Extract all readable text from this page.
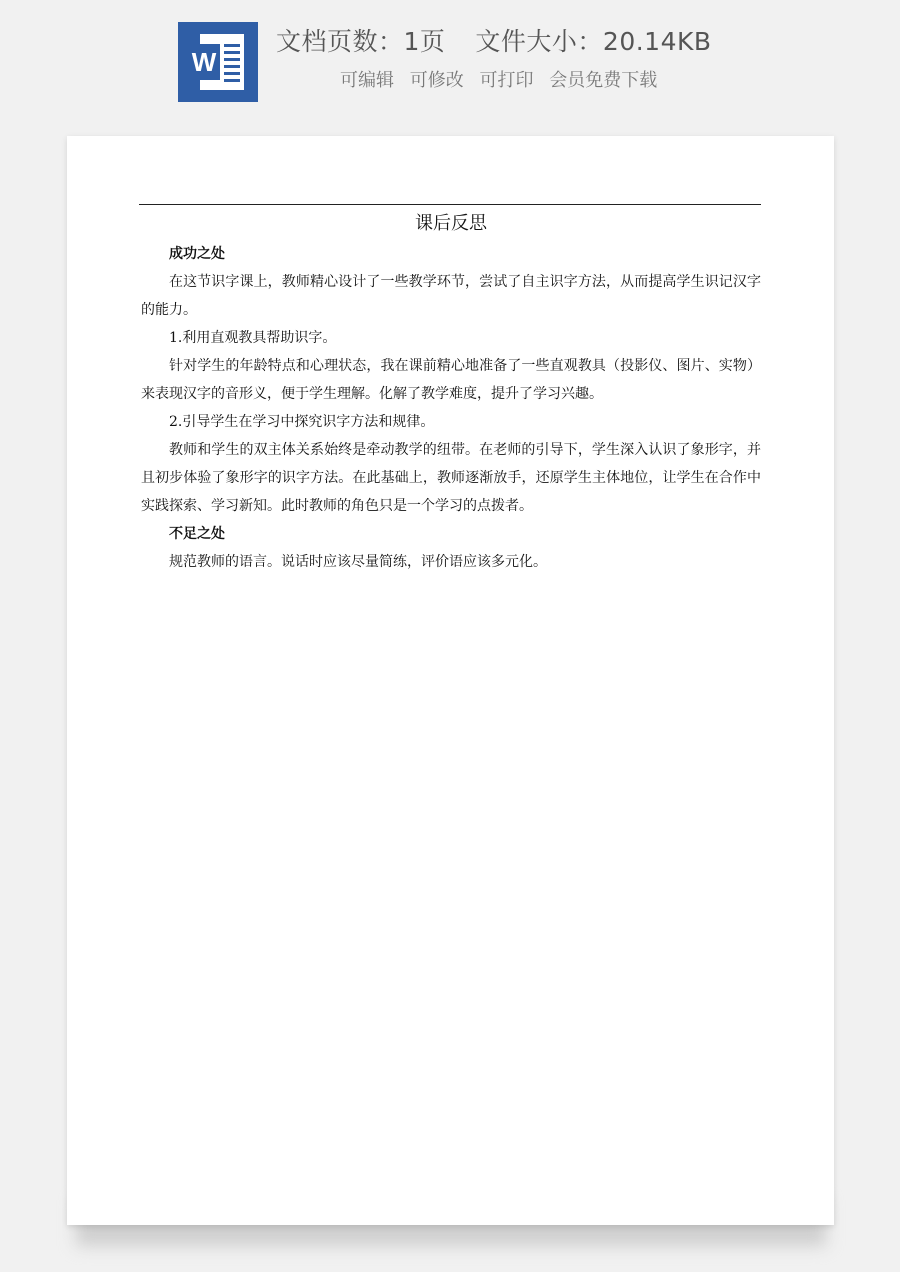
W
文档页数：1页 文件大小：20.14KB
可编辑 可修改 可打印 会员免费下载
课后反思

成功之处

在这节识字课上，教师精心设计了一些教学环节，尝试了自主识字方法，从而提高学生识记汉字的能力。

1.利用直观教具帮助识字。

针对学生的年龄特点和心理状态，我在课前精心地准备了一些直观教具（投影仪、图片、实物）来表现汉字的音形义，便于学生理解。化解了教学难度，提升了学习兴趣。

2.引导学生在学习中探究识字方法和规律。

教师和学生的双主体关系始终是牵动教学的纽带。在老师的引导下，学生深入认识了象形字，并且初步体验了象形字的识字方法。在此基础上，教师逐渐放手，还原学生主体地位，让学生在合作中实践探索、学习新知。此时教师的角色只是一个学习的点拨者。

不足之处

规范教师的语言。说话时应该尽量简练，评价语应该多元化。
